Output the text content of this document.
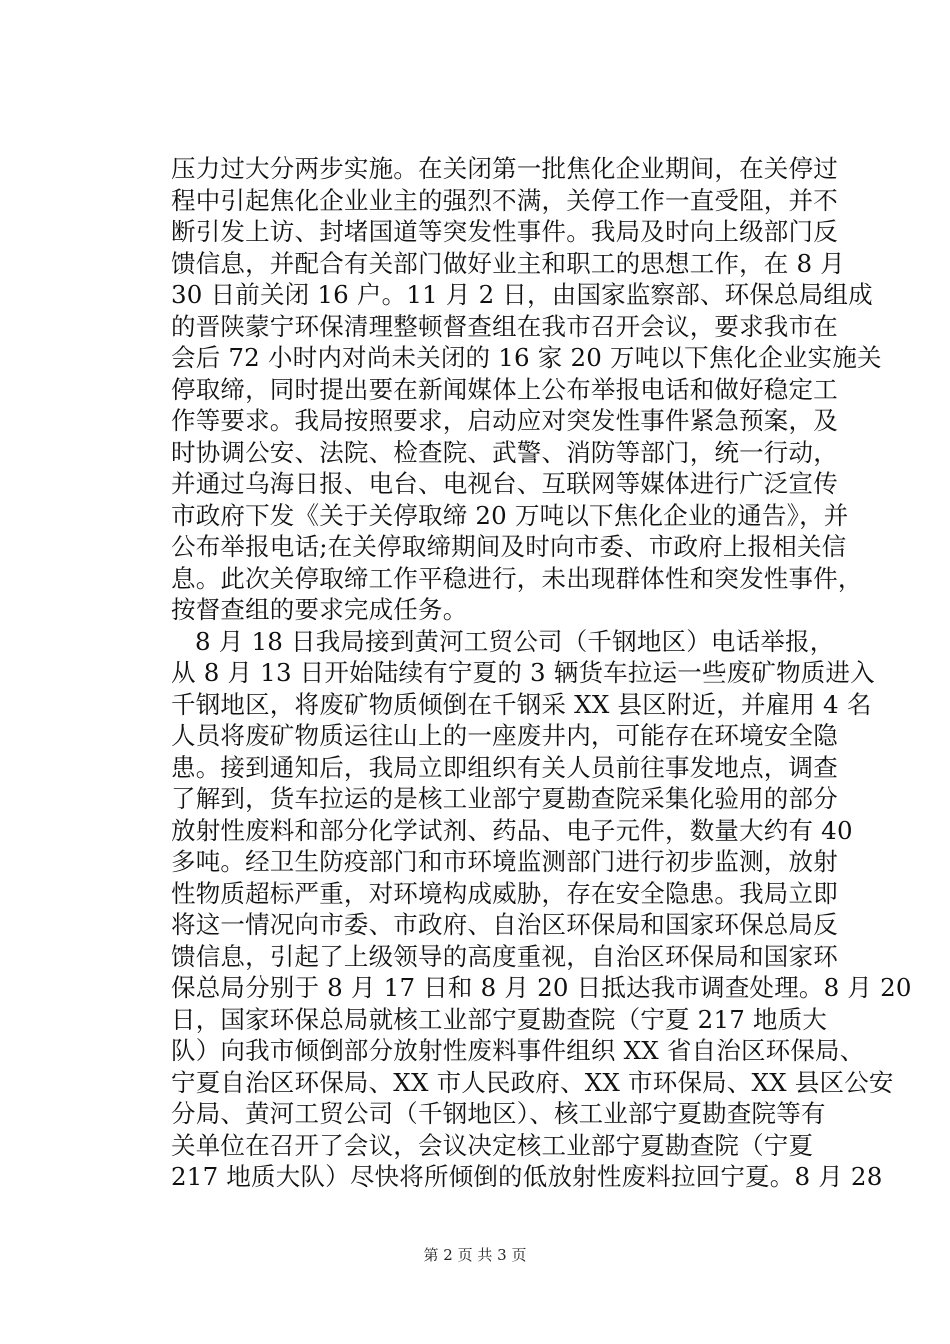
压力过大分两步实施。在关闭第一批焦化企业期间，在关停过
程中引起焦化企业业主的强烈不满，关停工作一直受阻，并不
断引发上访、封堵国道等突发性事件。我局及时向上级部门反
馈信息，并配合有关部门做好业主和职工的思想工作，在 8 月
30 日前关闭 16 户。11 月 2 日，由国家监察部、环保总局组成
的晋陕蒙宁环保清理整顿督查组在我市召开会议，要求我市在
会后 72 小时内对尚未关闭的 16 家 20 万吨以下焦化企业实施关
停取缔，同时提出要在新闻媒体上公布举报电话和做好稳定工
作等要求。我局按照要求，启动应对突发性事件紧急预案，及
时协调公安、法院、检查院、武警、消防等部门，统一行动，
并通过乌海日报、电台、电视台、互联网等媒体进行广泛宣传
市政府下发《关于关停取缔 20 万吨以下焦化企业的通告》，并
公布举报电话;在关停取缔期间及时向市委、市政府上报相关信
息。此次关停取缔工作平稳进行，未出现群体性和突发性事件，
按督查组的要求完成任务。
8 月 18 日我局接到黄河工贸公司（千钢地区）电话举报，
从 8 月 13 日开始陆续有宁夏的 3 辆货车拉运一些废矿物质进入
千钢地区，将废矿物质倾倒在千钢采 XX 县区附近，并雇用 4 名
人员将废矿物质运往山上的一座废井内，可能存在环境安全隐
患。接到通知后，我局立即组织有关人员前往事发地点，调查
了解到，货车拉运的是核工业部宁夏勘查院采集化验用的部分
放射性废料和部分化学试剂、药品、电子元件，数量大约有 40
多吨。经卫生防疫部门和市环境监测部门进行初步监测，放射
性物质超标严重，对环境构成威胁，存在安全隐患。我局立即
将这一情况向市委、市政府、自治区环保局和国家环保总局反
馈信息，引起了上级领导的高度重视，自治区环保局和国家环
保总局分别于 8 月 17 日和 8 月 20 日抵达我市调查处理。8 月 20
日，国家环保总局就核工业部宁夏勘查院（宁夏 217 地质大
队）向我市倾倒部分放射性废料事件组织 XX 省自治区环保局、
宁夏自治区环保局、XX 市人民政府、XX 市环保局、XX 县区公安
分局、黄河工贸公司（千钢地区）、核工业部宁夏勘查院等有
关单位在召开了会议，会议决定核工业部宁夏勘查院（宁夏
217 地质大队）尽快将所倾倒的低放射性废料拉回宁夏。8 月 28
第 2 页 共 3 页
